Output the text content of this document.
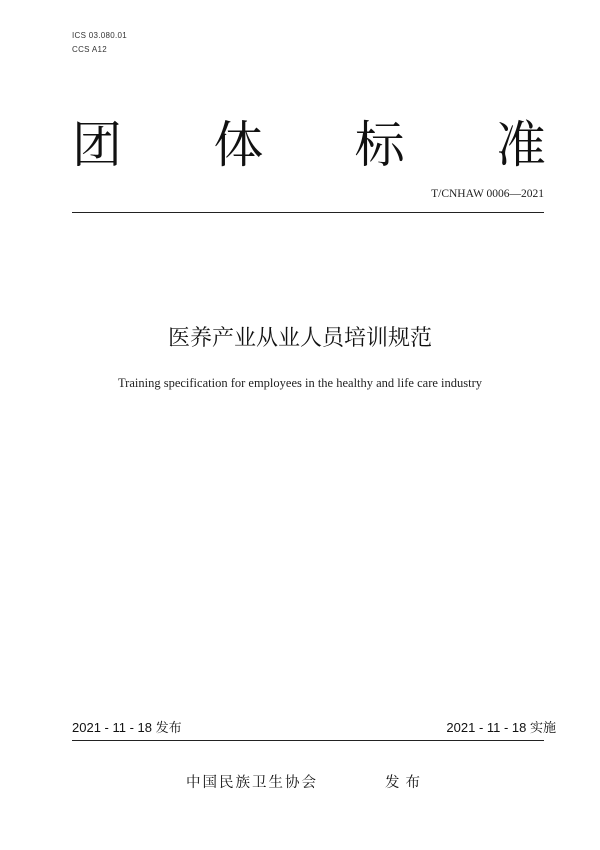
ICS 03.080.01
CCS A12
团 体 标 准
T/CNHAW 0006—2021
医养产业从业人员培训规范
Training specification for employees in the healthy and life care industry
2021 - 11 - 18 发布	2021 - 11 - 18 实施
中国民族卫生协会	发布
